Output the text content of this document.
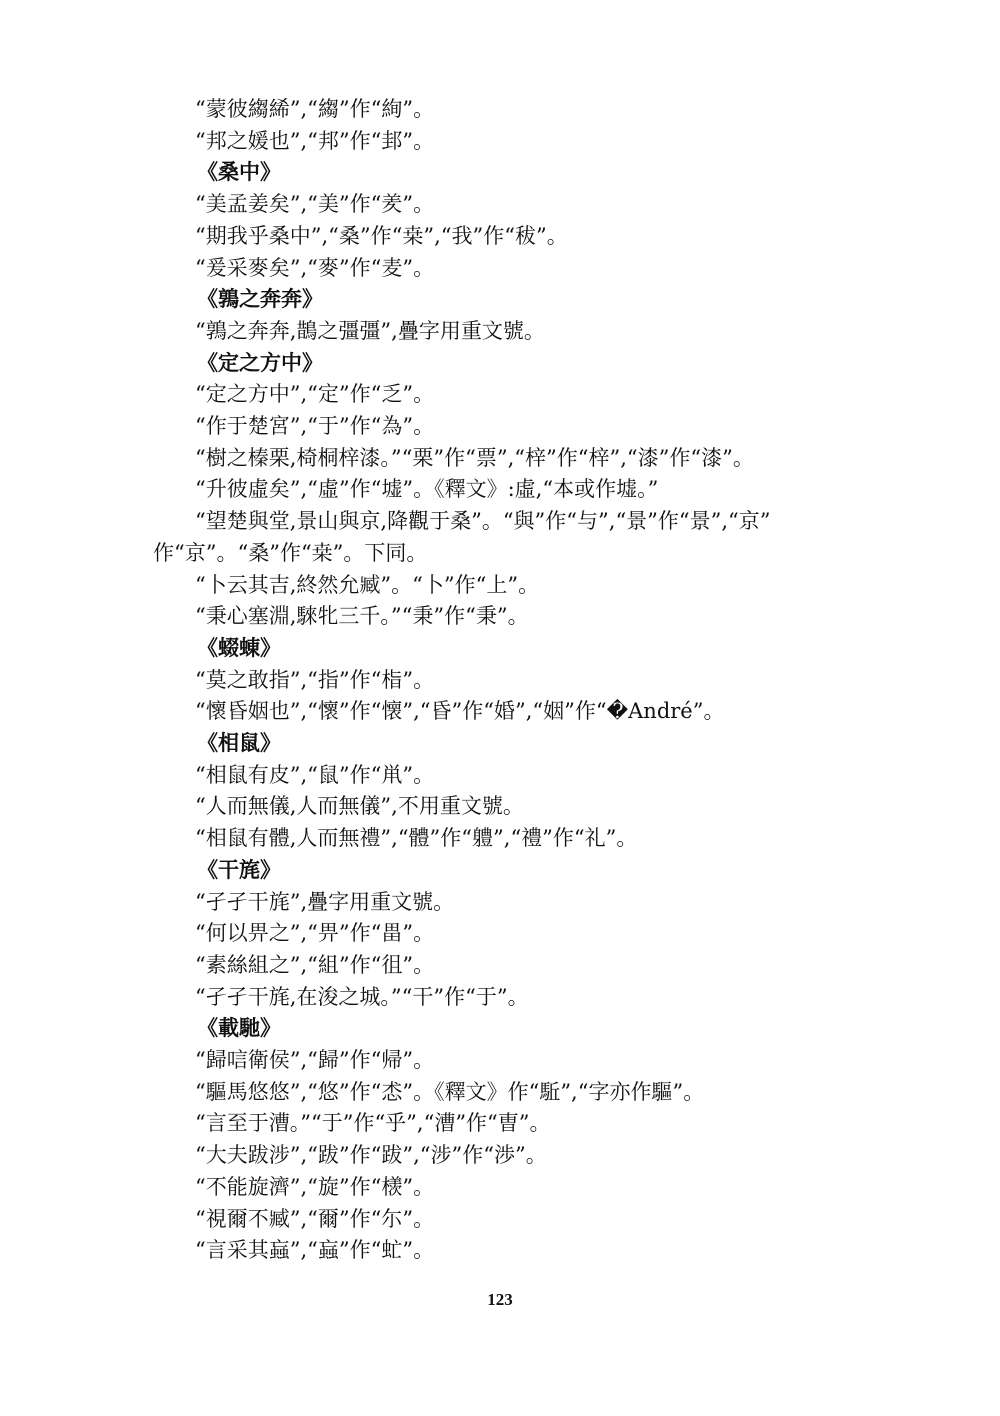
“蒙彼縐絺”,“縐”作“絢”。
“邦之媛也”,“邦”作“邽”。
《桑中》
“美孟姜矣”,“美”作“羑”。
“期我乎桑中”,“桑”作“桒”,“我”作“秡”。
“爰采麥矣”,“麥”作“麦”。
《鶉之奔奔》
“鶉之奔奔,鵲之彊彊”,疊字用重文號。
《定之方中》
“定之方中”,“定”作“乏”。
“作于楚宮”,“于”作“為”。
“樹之榛栗,椅桐梓漆。”“栗”作“票”,“梓”作“梓”,“漆”作“漆”。
“升彼虛矣”,“虛”作“墟”。《釋文》:虛,“本或作墟。”
“望楚與堂,景山與京,降觀于桑”。“與”作“与”,“景”作“景”,“京”
作“京”。“桑”作“桒”。下同。
“卜云其吉,終然允臧”。“卜”作“上”。
“秉心塞淵,騋牝三千。”“秉”作“秉”。
《蝃蝀》
“莫之敢指”,“指”作“栺”。
“懷昏姻也”,“懷”作“懐”,“昏”作“婚”,“姻”作“�André”。
《相鼠》
“相鼠有皮”,“鼠”作“鼡”。
“人而無儀,人而無儀”,不用重文號。
“相鼠有體,人而無禮”,“體”作“軆”,“禮”作“礼”。
《干旄》
“孑孑干旄”,疊字用重文號。
“何以畀之”,“畀”作“畕”。
“素絲組之”,“組”作“徂”。
“孑孑干旄,在浚之城。”“干”作“于”。
《載馳》
“歸唁衛侯”,“歸”作“帰”。
“驅馬悠悠”,“悠”作“怸”。《釋文》作“駈”,“字亦作驅”。
“言至于漕。”“于”作“乎”,“漕”作“曺”。
“大夫跋涉”,“跋”作“跋”,“涉”作“渉”。
“不能旋濟”,“旋”作“檨”。
“視爾不臧”,“爾”作“尓”。
“言采其蝱”,“蝱”作“虻”。
123
